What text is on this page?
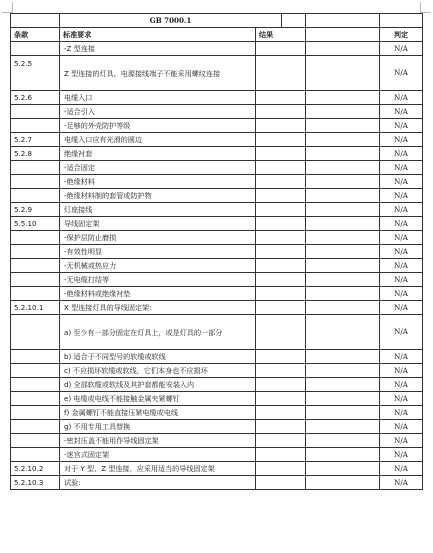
	GB 7000.1				
条款	标准要求	结果			判定
	-Z 型连接				N/A
5.2.5	Z 型连接的灯具，电源接线端子不能采用螺纹连接				N/A
5.2.6	电缆入口				N/A
	-适合引入				N/A
	-足够的外壳防护等级				N/A
5.2.7	电缆入口应有光滑的圆边				N/A
5.2.8	绝缘衬套				N/A
	-适合固定				N/A
	-绝缘材料				N/A
	-绝缘材料制的套管或防护物				N/A
5.2.9	灯座接线				N/A
5.5.10	导线固定架				N/A
	-保护层防止磨损				N/A
	-有效性明显				N/A
	-无机械或热应力				N/A
	-无电缆打结等				N/A
	-绝缘材料或绝缘衬垫				N/A
5.2.10.1	X 型连接灯具的导线固定架：				N/A
	a) 至少有一部分固定在灯具上，或是灯具的一部分				N/A
	b) 适合于不同型号的软缆或软线				N/A
	c) 不应损坏软缆或软线，它们本身也不应损坏				N/A
	d) 全部软缆或软线及其护套都能安装入内				N/A
	e) 电缆或电线不能接触金属夹紧螺钉				N/A
	f) 金属螺钉不能直接压紧电缆或电线				N/A
	g) 不用专用工具替换				N/A
	-密封压盖不能用作导线固定架				N/A
	-迷宫式固定架				N/A
5.2.10.2	对于 Y 型、Z 型连接，应采用适当的导线固定架				N/A
5.2.10.3	试验:				N/A
